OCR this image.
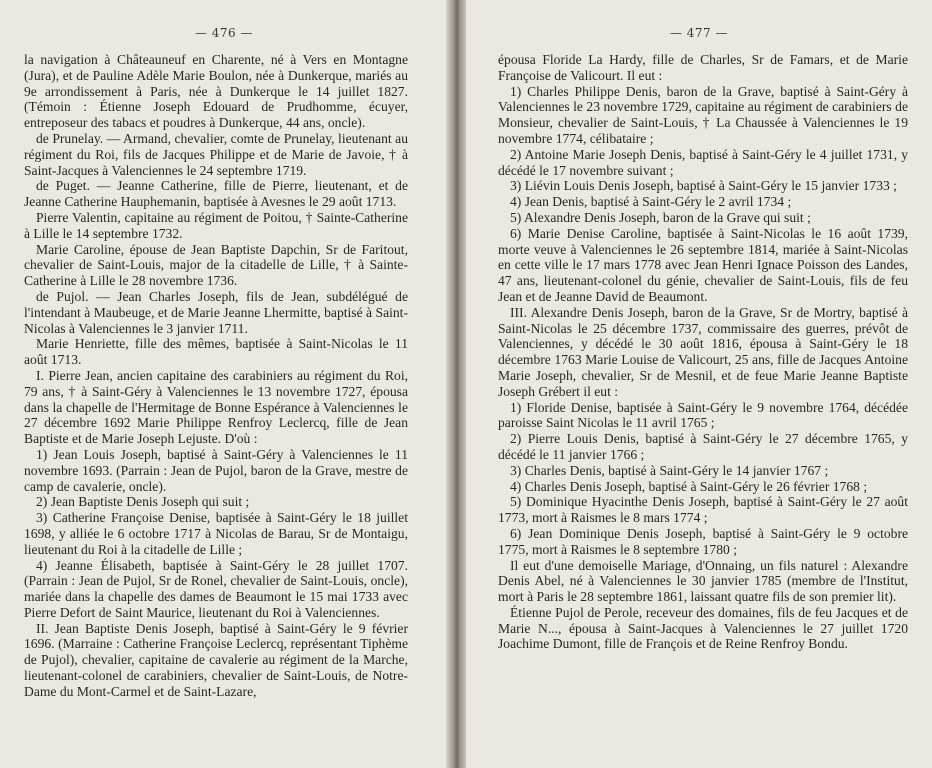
— 476 —

la navigation à Châteauneuf en Charente, né à Vers en Montagne (Jura), et de Pauline Adèle Marie Boulon, née à Dunkerque, mariés au 9e arrondissement à Paris, née à Dunkerque le 14 juillet 1827. (Témoin : Étienne Joseph Edouard de Prudhomme, écuyer, entreposeur des tabacs et poudres à Dunkerque, 44 ans, oncle).

de Prunelay. — Armand, chevalier, comte de Prunelay, lieutenant au régiment du Roi, fils de Jacques Philippe et de Marie de Javoie, † à Saint-Jacques à Valenciennes le 24 septembre 1719.

de Puget. — Jeanne Catherine, fille de Pierre, lieutenant, et de Jeanne Catherine Hauphemanin, baptisée à Avesnes le 29 août 1713.

Pierre Valentin, capitaine au régiment de Poitou, † Sainte-Catherine à Lille le 14 septembre 1732.

Marie Caroline, épouse de Jean Baptiste Dapchin, Sr de Faritout, chevalier de Saint-Louis, major de la citadelle de Lille, † à Sainte-Catherine à Lille le 28 novembre 1736.

de Pujol. — Jean Charles Joseph, fils de Jean, subdélégué de l'intendant à Maubeuge, et de Marie Jeanne Lhermitte, baptisé à Saint-Nicolas à Valenciennes le 3 janvier 1711.

Marie Henriette, fille des mêmes, baptisée à Saint-Nicolas le 11 août 1713.

I. Pierre Jean, ancien capitaine des carabiniers au régiment du Roi, 79 ans, † à Saint-Géry à Valenciennes le 13 novembre 1727, épousa dans la chapelle de l'Hermitage de Bonne Espérance à Valenciennes le 27 décembre 1692 Marie Philippe Renfroy Leclercq, fille de Jean Baptiste et de Marie Joseph Lejuste. D'où :

1) Jean Louis Joseph, baptisé à Saint-Géry à Valenciennes le 11 novembre 1693. (Parrain : Jean de Pujol, baron de la Grave, mestre de camp de cavalerie, oncle).

2) Jean Baptiste Denis Joseph qui suit ;

3) Catherine Françoise Denise, baptisée à Saint-Géry le 18 juillet 1698, y alliée le 6 octobre 1717 à Nicolas de Barau, Sr de Montaigu, lieutenant du Roi à la citadelle de Lille ;

4) Jeanne Élisabeth, baptisée à Saint-Géry le 28 juillet 1707. (Parrain : Jean de Pujol, Sr de Ronel, chevalier de Saint-Louis, oncle), mariée dans la chapelle des dames de Beaumont le 15 mai 1733 avec Pierre Defort de Saint Maurice, lieutenant du Roi à Valenciennes.

II. Jean Baptiste Denis Joseph, baptisé à Saint-Géry le 9 février 1696. (Marraine : Catherine Françoise Leclercq, représentant Tiphème de Pujol), chevalier, capitaine de cavalerie au régiment de la Marche, lieutenant-colonel de carabiniers, chevalier de Saint-Louis, de Notre-Dame du Mont-Carmel et de Saint-Lazare,

— 477 —

épousa Floride La Hardy, fille de Charles, Sr de Famars, et de Marie Françoise de Valicourt. Il eut :

1) Charles Philippe Denis, baron de la Grave, baptisé à Saint-Géry à Valenciennes le 23 novembre 1729, capitaine au régiment de carabiniers de Monsieur, chevalier de Saint-Louis, † La Chaussée à Valenciennes le 19 novembre 1774, célibataire ;

2) Antoine Marie Joseph Denis, baptisé à Saint-Géry le 4 juillet 1731, y décédé le 17 novembre suivant ;

3) Liévin Louis Denis Joseph, baptisé à Saint-Géry le 15 janvier 1733 ;

4) Jean Denis, baptisé à Saint-Géry le 2 avril 1734 ;

5) Alexandre Denis Joseph, baron de la Grave qui suit ;

6) Marie Denise Caroline, baptisée à Saint-Nicolas le 16 août 1739, morte veuve à Valenciennes le 26 septembre 1814, mariée à Saint-Nicolas en cette ville le 17 mars 1778 avec Jean Henri Ignace Poisson des Landes, 47 ans, lieutenant-colonel du génie, chevalier de Saint-Louis, fils de feu Jean et de Jeanne David de Beaumont.

III. Alexandre Denis Joseph, baron de la Grave, Sr de Mortry, baptisé à Saint-Nicolas le 25 décembre 1737, commissaire des guerres, prévôt de Valenciennes, y décédé le 30 août 1816, épousa à Saint-Géry le 18 décembre 1763 Marie Louise de Valicourt, 25 ans, fille de Jacques Antoine Marie Joseph, chevalier, Sr de Mesnil, et de feue Marie Jeanne Baptiste Joseph Grébert il eut :

1) Floride Denise, baptisée à Saint-Géry le 9 novembre 1764, décédée paroisse Saint Nicolas le 11 avril 1765 ;

2) Pierre Louis Denis, baptisé à Saint-Géry le 27 décembre 1765, y décédé le 11 janvier 1766 ;

3) Charles Denis, baptisé à Saint-Géry le 14 janvier 1767 ;

4) Charles Denis Joseph, baptisé à Saint-Géry le 26 février 1768 ;

5) Dominique Hyacinthe Denis Joseph, baptisé à Saint-Géry le 27 août 1773, mort à Raismes le 8 mars 1774 ;

6) Jean Dominique Denis Joseph, baptisé à Saint-Géry le 9 octobre 1775, mort à Raismes le 8 septembre 1780 ;

Il eut d'une demoiselle Mariage, d'Onnaing, un fils naturel : Alexandre Denis Abel, né à Valenciennes le 30 janvier 1785 (membre de l'Institut, mort à Paris le 28 septembre 1861, laissant quatre fils de son premier lit).

Étienne Pujol de Perole, receveur des domaines, fils de feu Jacques et de Marie N..., épousa à Saint-Jacques à Valenciennes le 27 juillet 1720 Joachime Dumont, fille de François et de Reine Renfroy Bondu.
